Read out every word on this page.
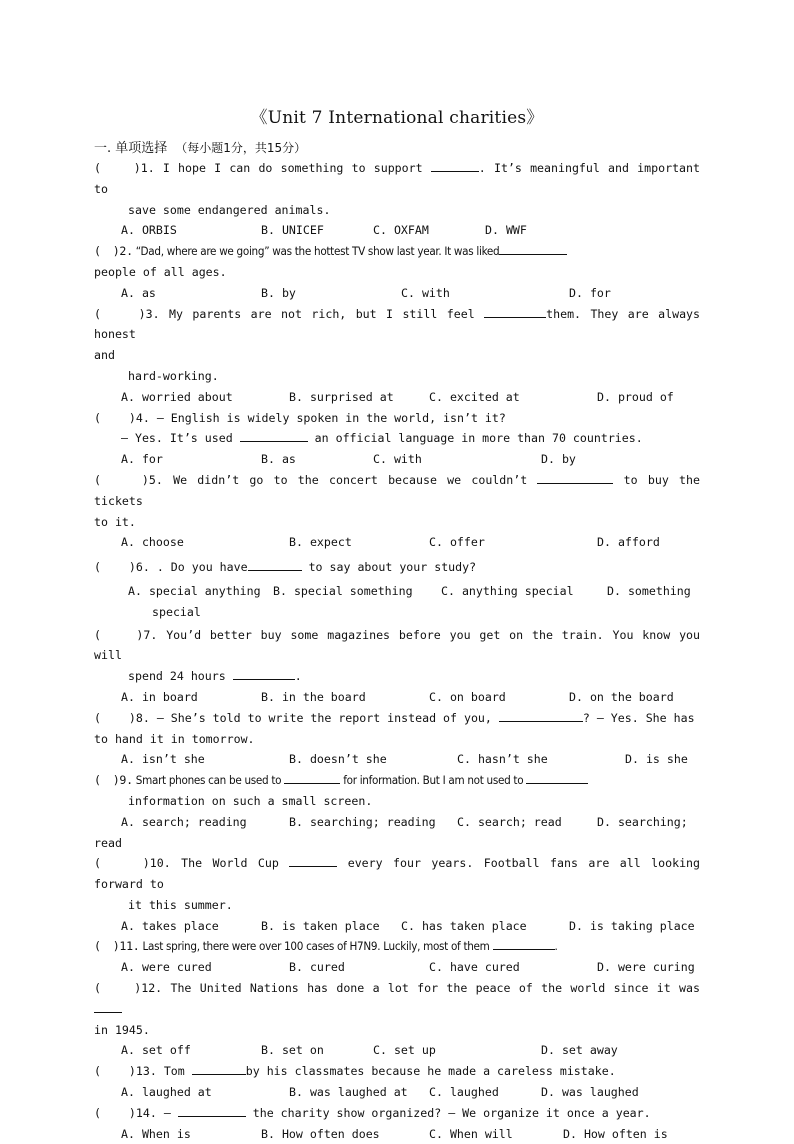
《Unit 7 International charities》
一. 单项选择 （每小题1分，共15分）
(	)1. I hope I can do something to support	. It’s meaningful and important to
save some endangered animals.
A. ORBIS	B. UNICEF	C. OXFAM	D. WWF
( )2. “Dad, where are we going” was the hottest TV show last year. It was liked
people of all ages.
A. as	B. by	C. with	D. for
(	)3. My parents are not rich, but I still feel	them. They are always honest
and
hard-working.
A. worried about	B. surprised at	C. excited at	D. proud of
( )4. — English is widely spoken in the world, isn’t it?
— Yes. It’s used	an official language in more than 70 countries.
A. for	B. as	C. with	D. by
(	)5. We didn’t go to the concert because we couldn’t	to buy the tickets
to it.
A. choose	B. expect	C. offer	D. afford
( )6. . Do you have	to say about your study?
A. special anything	B. special something	C. anything special	D. something
special
(	)7. You’d better buy some magazines before you get on the train. You know you will
spend 24 hours	.
A. in board	B. in the board	C. on board	D. on the board
( )8. — She’s told to write the report instead of you,	? — Yes. She has
to hand it in tomorrow.
A. isn’t she	B. doesn’t she	C. hasn’t she	D. is she
( )9. Smart phones can be used to	for information. But I am not used to
information on such a small screen.
A. search; reading	B. searching; reading	C. search; read	D. searching;
read
(	)10. The World Cup	every four years. Football fans are all looking forward to
it this summer.
A. takes place	B. is taken place	C. has taken place	D. is taking place
( )11. Last spring, there were over 100 cases of H7N9. Luckily, most of them	.
A. were cured	B. cured	C. have cured	D. were curing
(	)12. The United Nations has done a lot for the peace of the world since it was
in 1945.
A. set off	B. set on	C. set up	D. set away
( )13. Tom	by his classmates because he made a careless mistake.
A. laughed at	B. was laughed at	C. laughed	D. was laughed
( )14. —	the charity show organized? — We organize it once a year.
A. When is	B. How often does	C. When will	D. How often is
